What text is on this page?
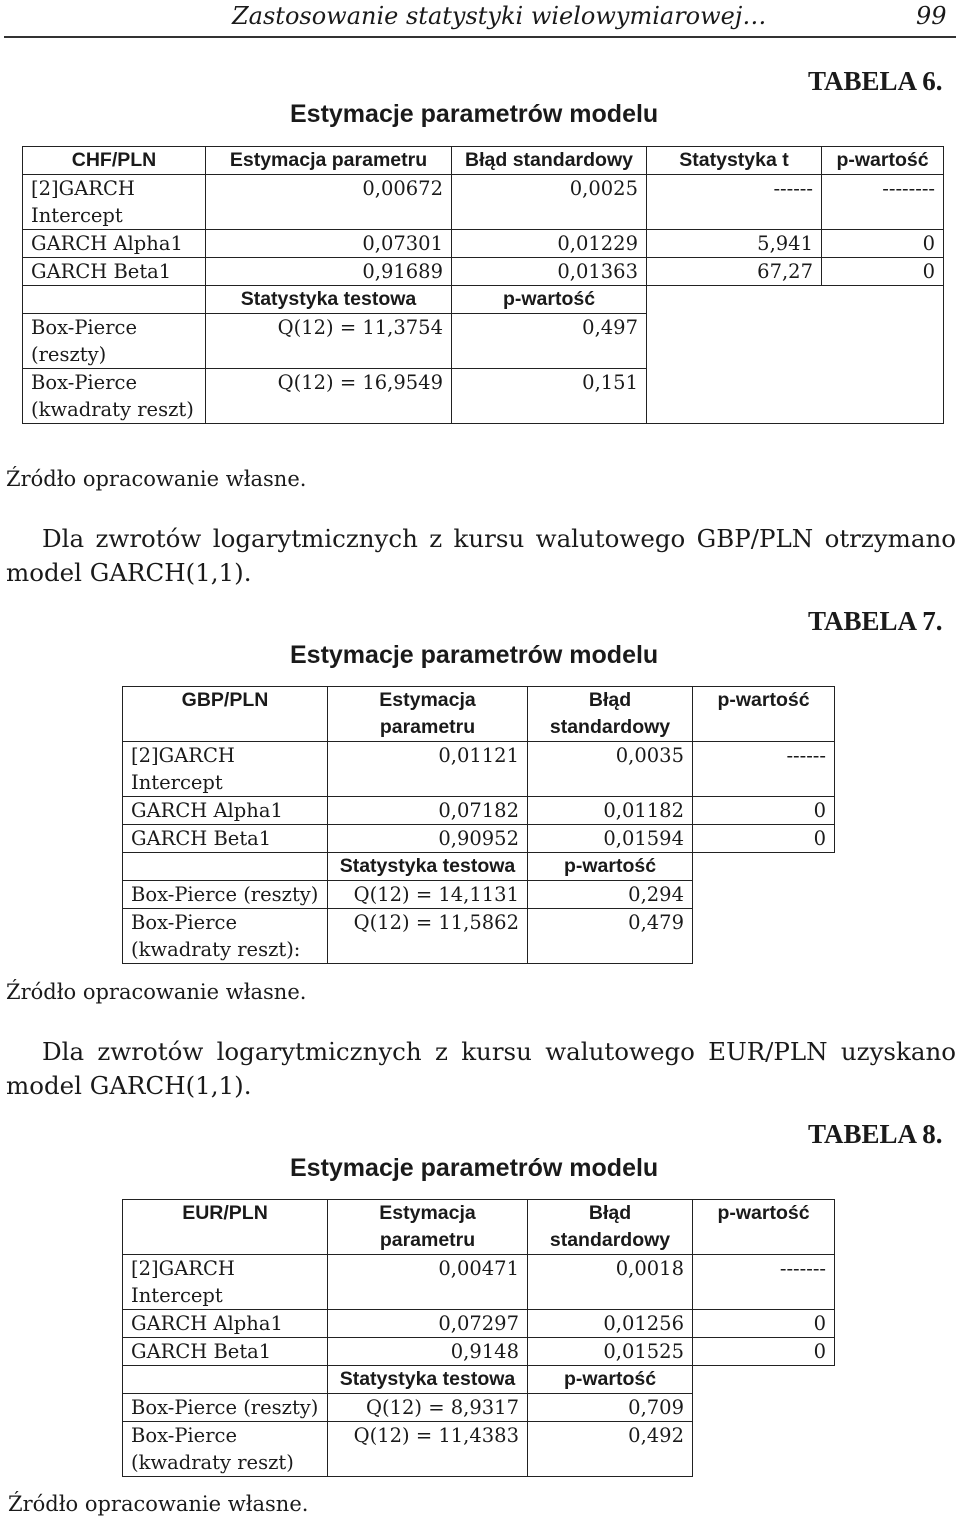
Zastosowanie statystyki wielowymiarowej…	99
TABELA 6.
Estymacje parametrów modelu
CHF/PLN	Estymacja parametru	Błąd standardowy	Statystyka t	p-wartość
[2]GARCH Intercept	0,00672	0,0025	------	--------
GARCH Alpha1	0,07301	0,01229	5,941	0
GARCH Beta1	0,91689	0,01363	67,27	0
	Statystyka testowa	p-wartość		
Box-Pierce (reszty)	Q(12) = 11,3754	0,497		
Box-Pierce (kwadraty reszt)	Q(12) = 16,9549	0,151		
Źródło opracowanie własne.
Dla zwrotów logarytmicznych z kursu walutowego GBP/PLN otrzymano model GARCH(1,1).
TABELA 7.
Estymacje parametrów modelu
GBP/PLN	Estymacja parametru	Błąd standardowy	p-wartość
[2]GARCH Intercept	0,01121	0,0035	------
GARCH Alpha1	0,07182	0,01182	0
GARCH Beta1	0,90952	0,01594	0
	Statystyka testowa	p-wartość	
Box-Pierce (reszty)	Q(12) = 14,1131	0,294	
Box-Pierce (kwadraty reszt):	Q(12) = 11,5862	0,479	
Źródło opracowanie własne.
Dla zwrotów logarytmicznych z kursu walutowego EUR/PLN uzyskano model GARCH(1,1).
TABELA 8.
Estymacje parametrów modelu
EUR/PLN	Estymacja parametru	Błąd standardowy	p-wartość
[2]GARCH Intercept	0,00471	0,0018	-------
GARCH Alpha1	0,07297	0,01256	0
GARCH Beta1	0,9148	0,01525	0
	Statystyka testowa	p-wartość	
Box-Pierce (reszty)	Q(12) = 8,9317	0,709	
Box-Pierce (kwadraty reszt)	Q(12) = 11,4383	0,492	
Źródło opracowanie własne.
